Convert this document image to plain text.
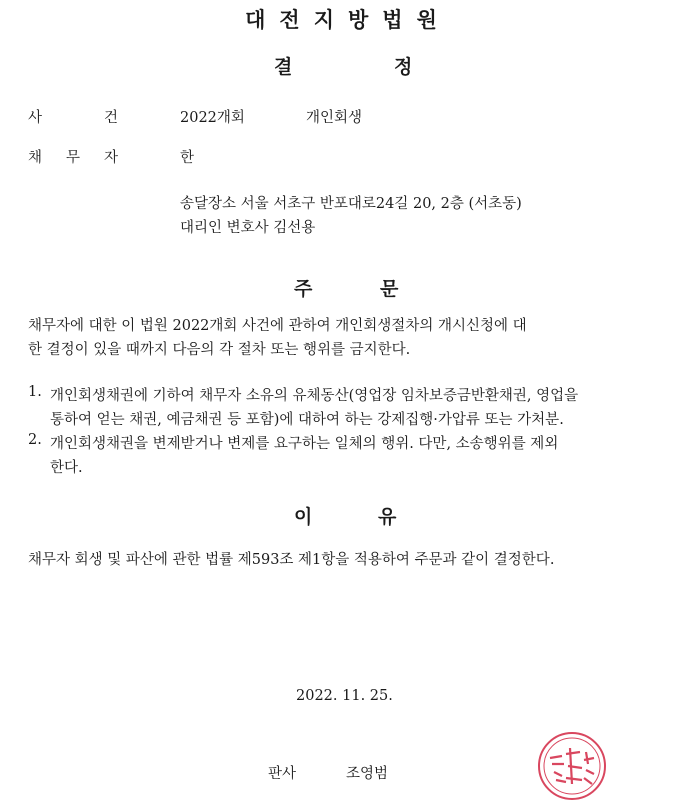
대전지방법원
결	정
사	건	2022개회	개인회생
채 무 자	한
송달장소 서울 서초구 반포대로24길 20, 2층 (서초동)
대리인 변호사 김선용
주	문
채무자에 대한 이 법원 2022개회 사건에 관하여 개인회생절차의 개시신청에 대
한 결정이 있을 때까지 다음의 각 절차 또는 행위를 금지한다.
1. 개인회생채권에 기하여 채무자 소유의 유체동산(영업장 임차보증금반환채권, 영업을
통하여 얻는 채권, 예금채권 등 포함)에 대하여 하는 강제집행·가압류 또는 가처분.
2. 개인회생채권을 변제받거나 변제를 요구하는 일체의 행위. 다만, 소송행위를 제외
한다.
이	유
채무자 회생 및 파산에 관한 법률 제593조 제1항을 적용하여 주문과 같이 결정한다.
2022. 11. 25.
판사	조영범
